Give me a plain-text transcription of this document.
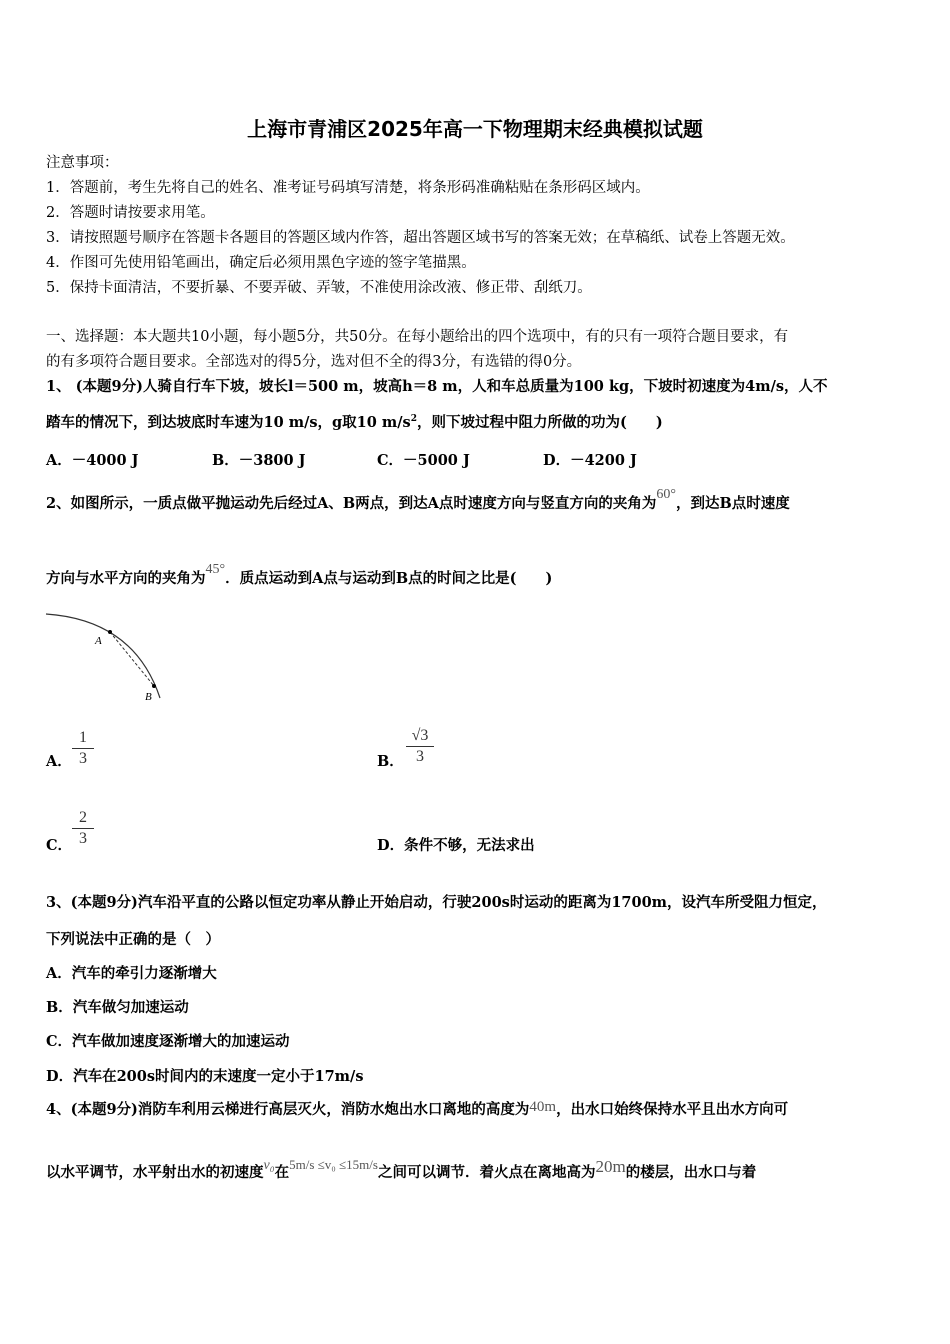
上海市青浦区2025年高一下物理期末经典模拟试题
注意事项：
1．答题前，考生先将自己的姓名、准考证号码填写清楚，将条形码准确粘贴在条形码区域内。
2．答题时请按要求用笔。
3．请按照题号顺序在答题卡各题目的答题区域内作答，超出答题区域书写的答案无效；在草稿纸、试卷上答题无效。
4．作图可先使用铅笔画出，确定后必须用黑色字迹的签字笔描黑。
5．保持卡面清洁，不要折暴、不要弄破、弄皱，不准使用涂改液、修正带、刮纸刀。
一、选择题：本大题共10小题，每小题5分，共50分。在每小题给出的四个选项中，有的只有一项符合题目要求，有
的有多项符合题目要求。全部选对的得5分，选对但不全的得3分，有选错的得0分。
1、 (本题9分)人骑自行车下坡，坡长l＝500 m，坡高h＝8 m，人和车总质量为100 kg，下坡时初速度为4m/s，人不
踏车的情况下，到达坡底时车速为10 m/s，g取10 $m/s^2$，则下坡过程中阻力所做的功为(　　)
A．－4000 J	B．－3800 J	C．－5000 J	D．－4200 J
2、如图所示，一质点做平抛运动先后经过A、B两点，到达A点时速度方向与竖直方向的夹角为60°，到达B点时速度
方向与水平方向的夹角为45°．质点运动到A点与运动到B点的时间之比是(　　)
A
B
A． $\frac{1}{3}$	B． $\frac{√3}{3}$
C． $\frac{2}{3}$	D．条件不够，无法求出
3、(本题9分)汽车沿平直的公路以恒定功率从静止开始启动，行驶200s时运动的距离为1700m，设汽车所受阻力恒定，
下列说法中正确的是（　）
A．汽车的牵引力逐渐增大
B．汽车做匀加速运动
C．汽车做加速度逐渐增大的加速运动
D．汽车在200s时间内的末速度一定小于17m/s
4、(本题9分)消防车利用云梯进行高层灭火，消防水炮出水口离地的高度为40m，出水口始终保持水平且出水方向可
以水平调节，水平射出水的初速度v₀在5m/s ≤v₀ ≤15m/s之间可以调节．着火点在离地高为20m的楼层，出水口与着
